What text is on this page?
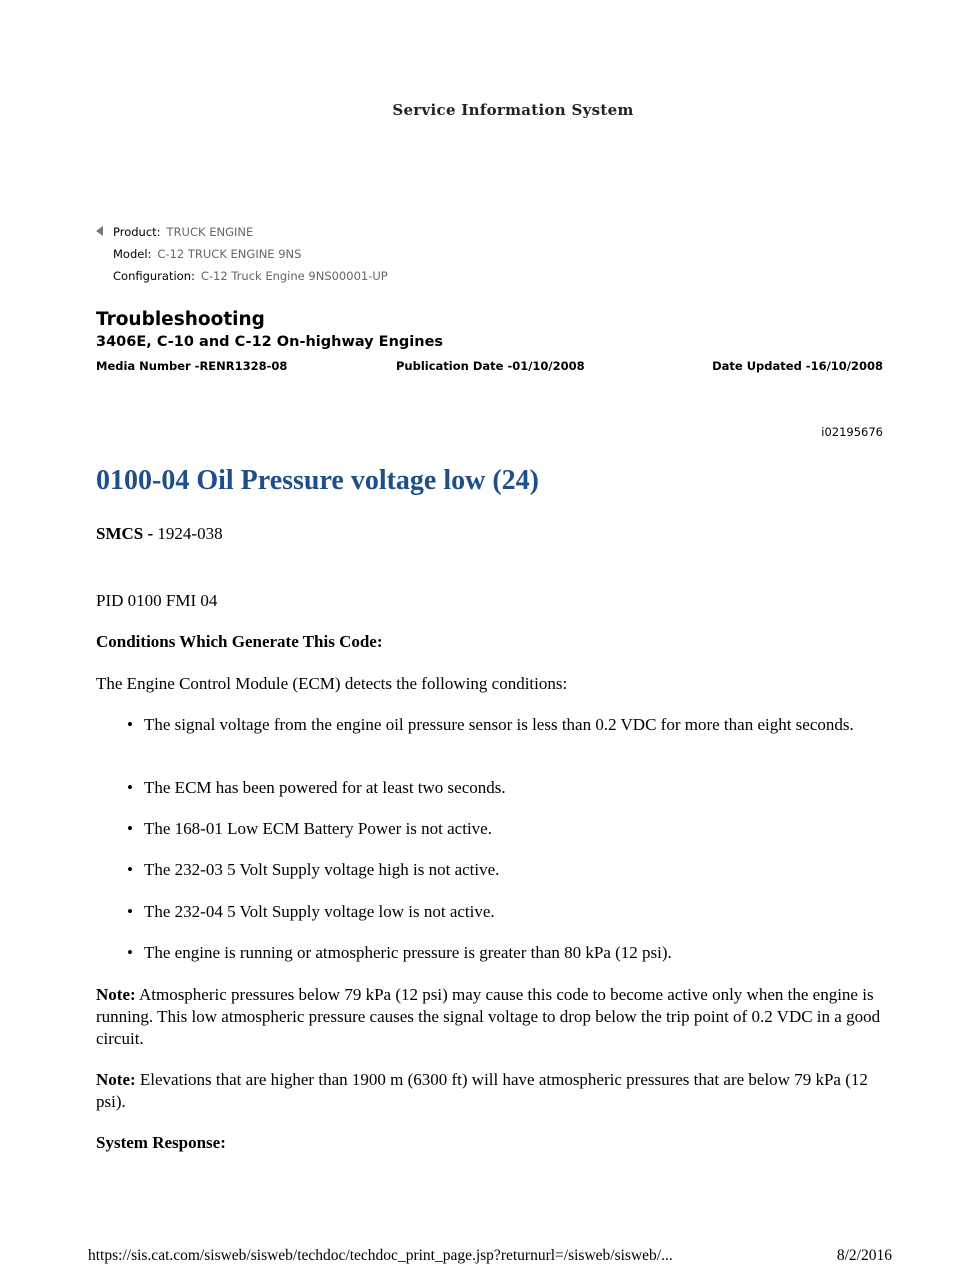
Service Information System
Product: TRUCK ENGINE
Model: C-12 TRUCK ENGINE 9NS
Configuration: C-12 Truck Engine 9NS00001-UP
Troubleshooting
3406E, C-10 and C-12 On-highway Engines
Media Number -RENR1328-08	Publication Date -01/10/2008	Date Updated -16/10/2008
i02195676
0100-04 Oil Pressure voltage low (24)

SMCS - 1924-038

PID 0100 FMI 04

Conditions Which Generate This Code:

The Engine Control Module (ECM) detects the following conditions:

• The signal voltage from the engine oil pressure sensor is less than 0.2 VDC for more than eight seconds.
• The ECM has been powered for at least two seconds.
• The 168-01 Low ECM Battery Power is not active.
• The 232-03 5 Volt Supply voltage high is not active.
• The 232-04 5 Volt Supply voltage low is not active.
• The engine is running or atmospheric pressure is greater than 80 kPa (12 psi).

Note: Atmospheric pressures below 79 kPa (12 psi) may cause this code to become active only when the engine is running. This low atmospheric pressure causes the signal voltage to drop below the trip point of 0.2 VDC in a good circuit.

Note: Elevations that are higher than 1900 m (6300 ft) will have atmospheric pressures that are below 79 kPa (12 psi).

System Response:

https://sis.cat.com/sisweb/sisweb/techdoc/techdoc_print_page.jsp?returnurl=/sisweb/sisweb/...	8/2/2016
